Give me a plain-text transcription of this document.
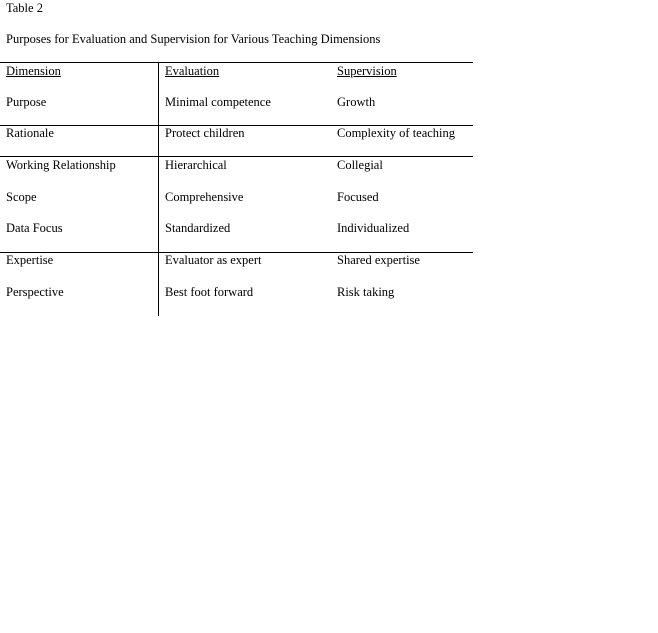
Table 2
Purposes for Evaluation and Supervision for Various Teaching Dimensions
Dimension	Evaluation	Supervision
Purpose	Minimal competence	Growth
Rationale	Protect children	Complexity of teaching
Working Relationship	Hierarchical	Collegial
Scope	Comprehensive	Focused
Data Focus	Standardized	Individualized
Expertise	Evaluator as expert	Shared expertise
Perspective	Best foot forward	Risk taking
